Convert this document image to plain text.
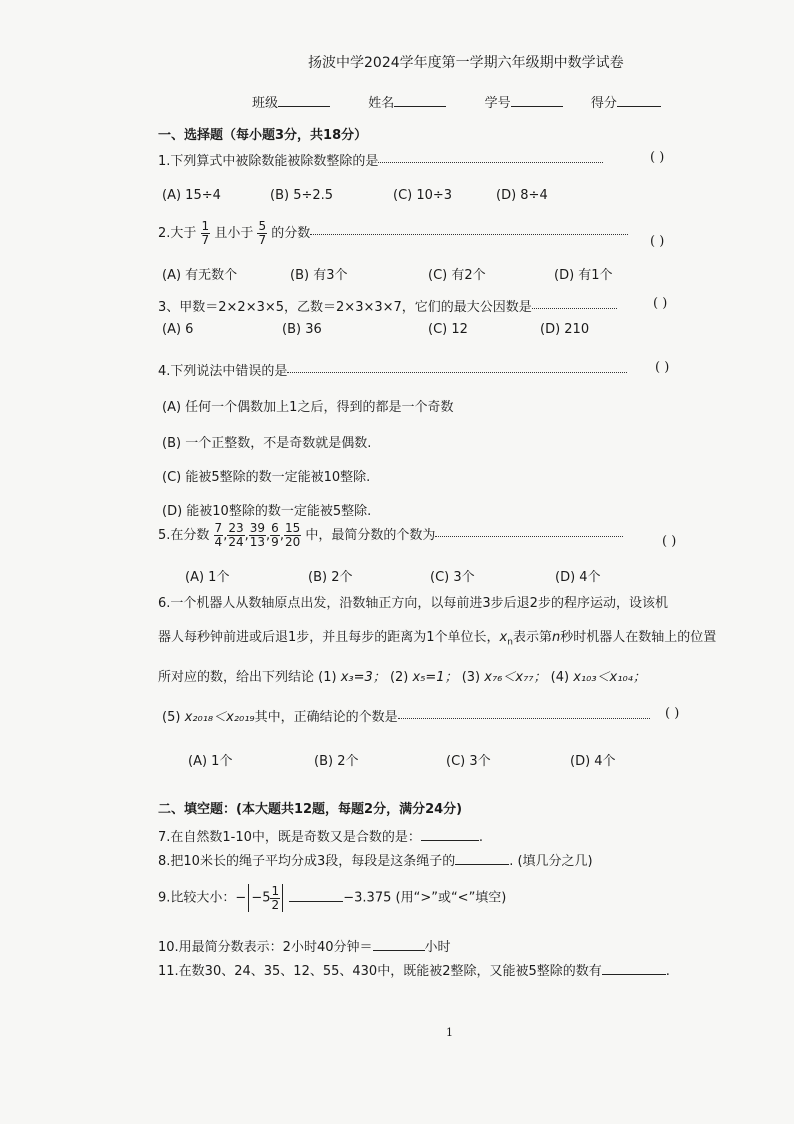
扬波中学2024学年度第一学期六年级期中数学试卷
班级	姓名	学号	得分
一、选择题（每小题3分，共18分）
1.下列算式中被除数能被除数整除的是	( )
(A) 15÷4	(B) 5÷2.5	(C) 10÷3	(D) 8÷4
2.大于 $\frac{1}{7}$ 且小于 $\frac{5}{7}$ 的分数
( )
(A) 有无数个	(B) 有3个	(C) 有2个	(D) 有1个
3、甲数＝2×2×3×5，乙数＝2×3×3×7，它们的最大公因数是	( )
(A) 6	(B) 36	(C) 12	(D) 210
4.下列说法中错误的是	( )
(A) 任何一个偶数加上1之后，得到的都是一个奇数
(B) 一个正整数，不是奇数就是偶数.
(C) 能被5整除的数一定能被10整除.
(D) 能被10整除的数一定能被5整除.
5.在分数 $\frac{7}{4}$ , $\frac{23}{24}$ , $\frac{39}{13}$ , $\frac{6}{9}$ , $\frac{15}{20}$ 中，最简分数的个数为	( )
(A) 1个	(B) 2个	(C) 3个	(D) 4个
6.一个机器人从数轴原点出发，沿数轴正方向，以每前进3步后退2步的程序运动，设该机
器人每秒钟前进或后退1步，并且每步的距离为1个单位长，$x_n$表示第n秒时机器人在数轴上的位置
所对应的数，给出下列结论 (1) x₃=3； (2) x₅=1； (3) x₇₆＜x₇₇； (4) x₁₀₃＜x₁₀₄；
(5) x₂₀₁₈＜x₂₀₁₉其中，正确结论的个数是	( )
(A) 1个	(B) 2个	(C) 3个	(D) 4个
二、填空题：(本大题共12题，每题2分，满分24分)
7.在自然数1-10中，既是奇数又是合数的是：	.
8.把10米长的绳子平均分成3段，每段是这条绳子的	. (填几分之几)
9.比较大小：− $-5 \frac{1}{2}$	−3.375 (用“>”或“<”填空)
10.用最简分数表示：2小时40分钟＝	小时
11.在数30、24、35、12、55、430中，既能被2整除，又能被5整除的数有	.
1
